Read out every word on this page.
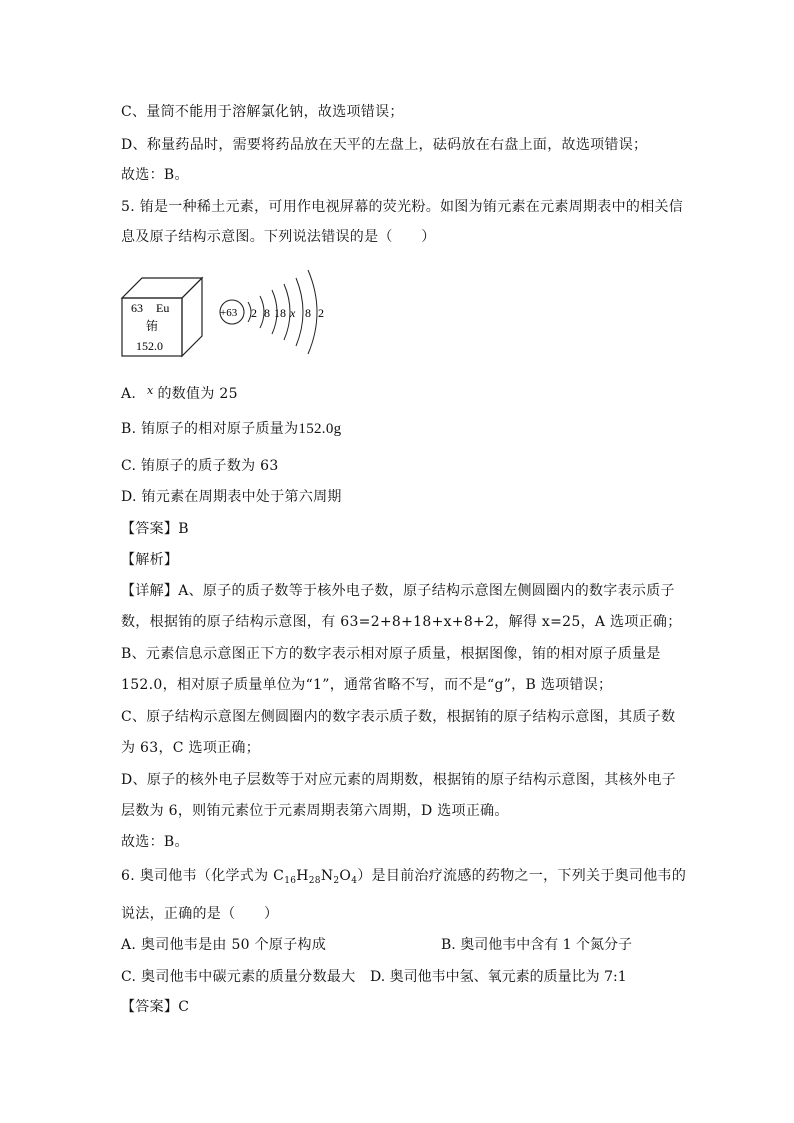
C、量筒不能用于溶解氯化钠，故选项错误；
D、称量药品时，需要将药品放在天平的左盘上，砝码放在右盘上面，故选项错误；
故选：B。
5. 铕是一种稀土元素，可用作电视屏幕的荧光粉。如图为铕元素在元素周期表中的相关信
息及原子结构示意图。下列说法错误的是（　　）
63 Eu
铕
152.0
+63 2 8 18 x 8 2
A. $^x$ 的数值为 25
B. 铕原子的相对原子质量为152.0g
C. 铕原子的质子数为 63
D. 铕元素在周期表中处于第六周期
【答案】B
【解析】
【详解】A、原子的质子数等于核外电子数，原子结构示意图左侧圆圈内的数字表示质子
数，根据铕的原子结构示意图，有 63=2+8+18+x+8+2，解得 x=25，A 选项正确；
B、元素信息示意图正下方的数字表示相对原子质量，根据图像，铕的相对原子质量是
152.0，相对原子质量单位为“1”，通常省略不写，而不是“g”，B 选项错误；
C、原子结构示意图左侧圆圈内的数字表示质子数，根据铕的原子结构示意图，其质子数
为 63，C 选项正确；
D、原子的核外电子层数等于对应元素的周期数，根据铕的原子结构示意图，其核外电子
层数为 6，则铕元素位于元素周期表第六周期，D 选项正确。
故选：B。
6. 奥司他韦（化学式为 $C_{16}H_{28}N_2O_4$）是目前治疗流感的药物之一，下列关于奥司他韦的
说法，正确的是（　　）
A. 奥司他韦是由 50 个原子构成	B. 奥司他韦中含有 1 个氮分子
C. 奥司他韦中碳元素的质量分数最大 D. 奥司他韦中氢、氧元素的质量比为 7:1
【答案】C
